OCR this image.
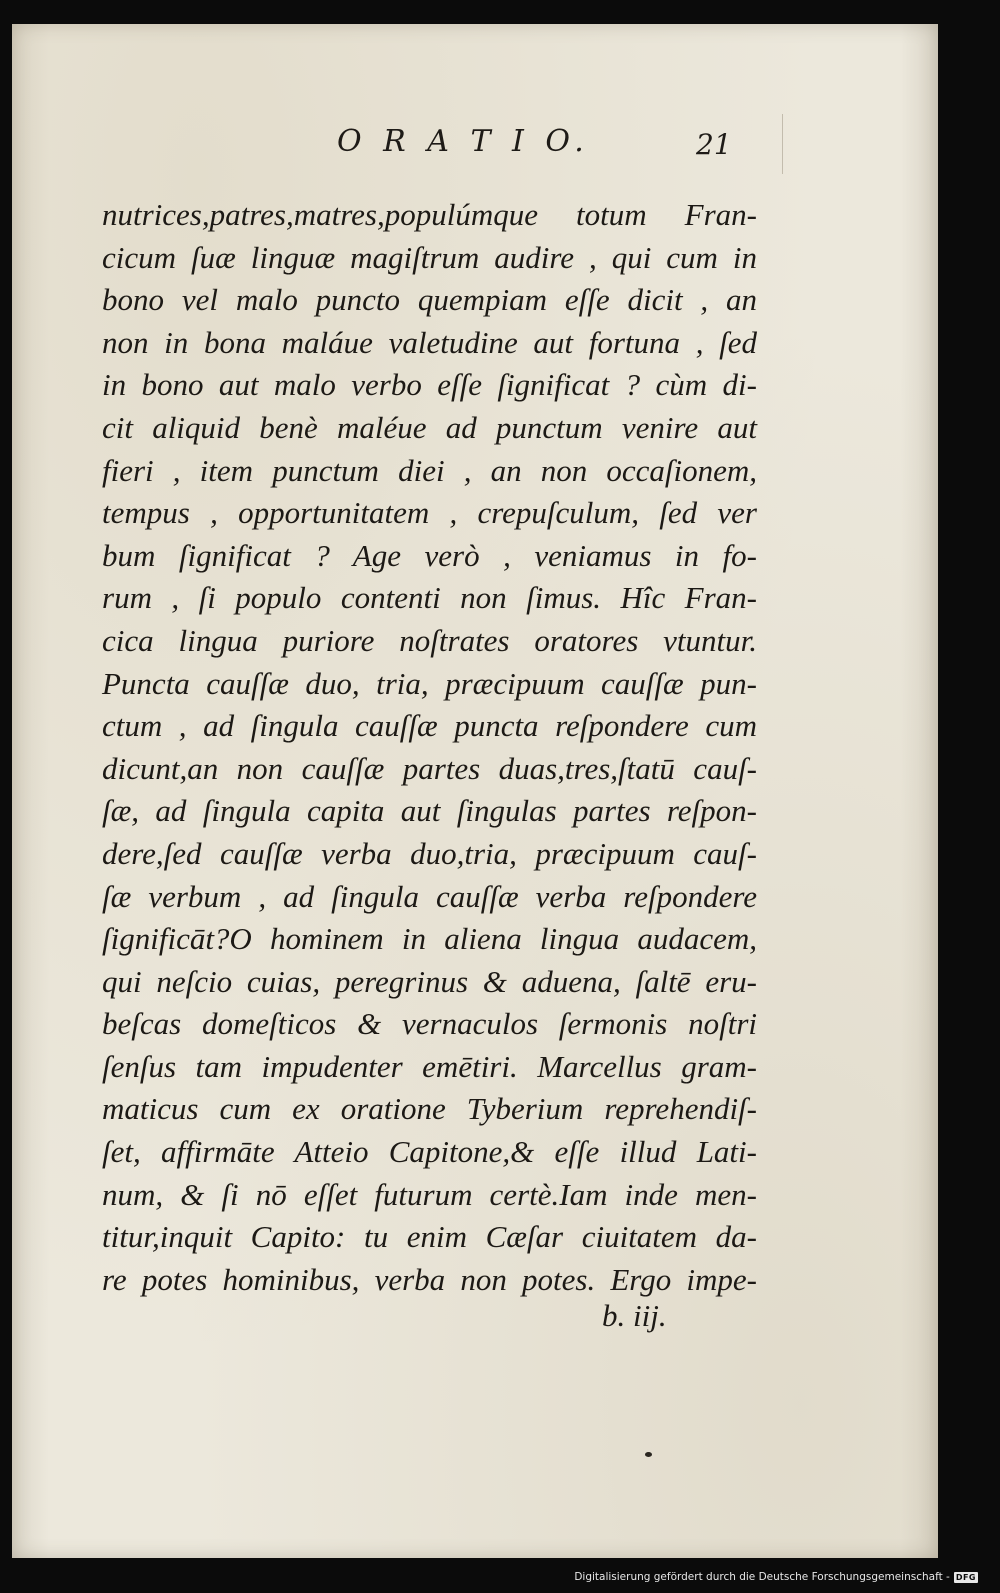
O R A T I O.	21
nutrices,patres,matres,populúmque totum Fran-
cicum ſuæ linguæ magiſtrum audire , qui cum in
bono vel malo puncto quempiam eſſe dicit , an
non in bona maláue valetudine aut fortuna , ſed
in bono aut malo verbo eſſe ſignificat ? cùm di-
cit aliquid benè maléue ad punctum venire aut
fieri , item punctum diei , an non occaſionem,
tempus , opportunitatem , crepuſculum, ſed ver
bum ſignificat ? Age verò , veniamus in fo-
rum , ſi populo contenti non ſimus. Hîc Fran-
cica lingua puriore noſtrates oratores vtuntur.
Puncta cauſſæ duo, tria, præcipuum cauſſæ pun-
ctum , ad ſingula cauſſæ puncta reſpondere cum
dicunt,an non cauſſæ partes duas,tres,ſtatū cauſ-
ſæ, ad ſingula capita aut ſingulas partes reſpon-
dere,ſed cauſſæ verba duo,tria, præcipuum cauſ-
ſæ verbum , ad ſingula cauſſæ verba reſpondere
ſignificāt?O hominem in aliena lingua audacem,
qui neſcio cuias, peregrinus & aduena, ſaltē eru-
beſcas domeſticos & vernaculos ſermonis noſtri
ſenſus tam impudenter emētiri. Marcellus gram-
maticus cum ex oratione Tyberium reprehendiſ-
ſet, affirmāte Atteio Capitone,& eſſe illud Lati-
num, & ſi nō eſſet futurum certè.Iam inde men-
titur,inquit Capito: tu enim Cæſar ciuitatem da-
re potes hominibus, verba non potes. Ergo impe-
b. iij.
Digitalisierung gefördert durch die Deutsche Forschungsgemeinschaft - DFG
